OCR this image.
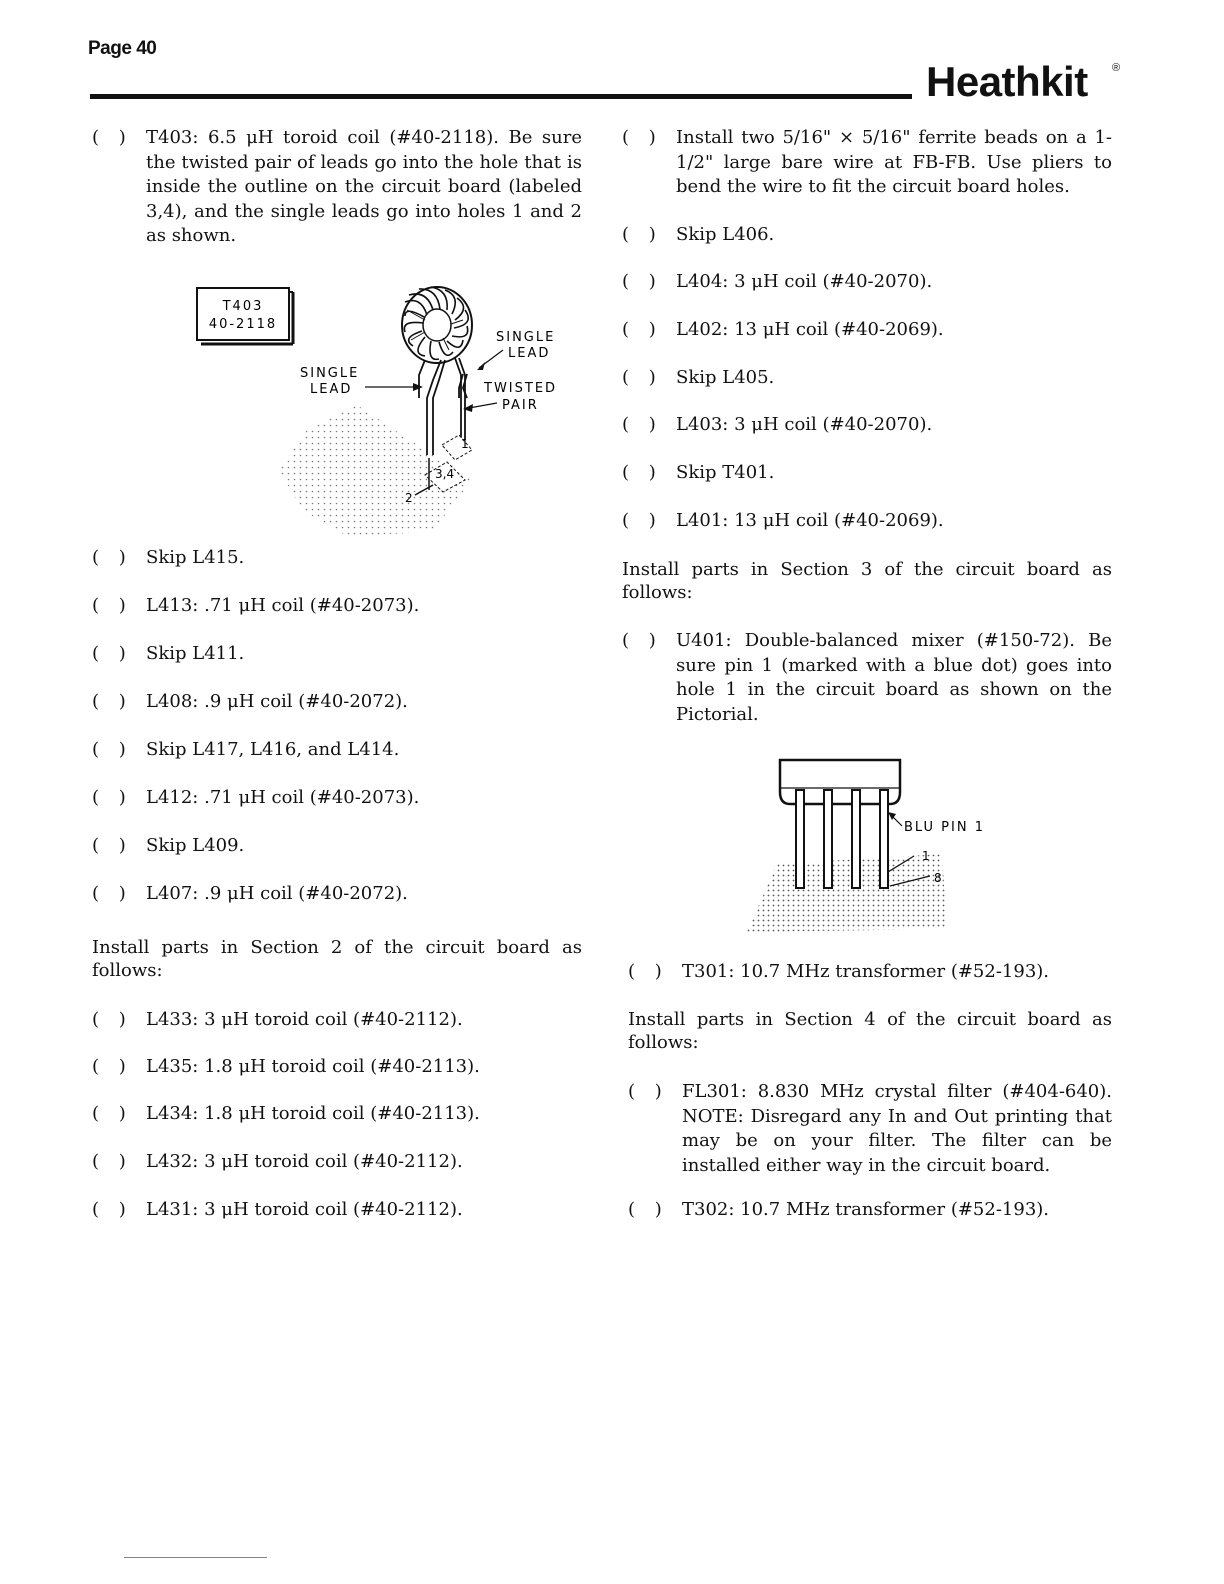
Page 40
Heathkit ®
( ) T403: 6.5 μH toroid coil (#40-2118). Be sure the twisted pair of leads go into the hole that is inside the outline on the circuit board (labeled 3,4), and the single leads go into holes 1 and 2 as shown.
T403
40-2118
1
3,4
2
SINGLE
LEAD
SINGLE
LEAD	TWISTED
PAIR
( ) Skip L415.
( ) L413: .71 μH coil (#40-2073).
( ) Skip L411.
( ) L408: .9 μH coil (#40-2072).
( ) Skip L417, L416, and L414.
( ) L412: .71 μH coil (#40-2073).
( ) Skip L409.
( ) L407: .9 μH coil (#40-2072).
Install parts in Section 2 of the circuit board as follows:
( ) L433: 3 μH toroid coil (#40-2112).
( ) L435: 1.8 μH toroid coil (#40-2113).
( ) L434: 1.8 μH toroid coil (#40-2113).
( ) L432: 3 μH toroid coil (#40-2112).
( ) L431: 3 μH toroid coil (#40-2112).
( ) Install two 5/16" × 5/16" ferrite beads on a 1-1/2" large bare wire at FB-FB. Use pliers to bend the wire to fit the circuit board holes.
( ) Skip L406.
( ) L404: 3 μH coil (#40-2070).
( ) L402: 13 μH coil (#40-2069).
( ) Skip L405.
( ) L403: 3 μH coil (#40-2070).
( ) Skip T401.
( ) L401: 13 μH coil (#40-2069).
Install parts in Section 3 of the circuit board as follows:
( ) U401: Double-balanced mixer (#150-72). Be sure pin 1 (marked with a blue dot) goes into hole 1 in the circuit board as shown on the Pictorial.
BLU PIN 1
1
8
( ) T301: 10.7 MHz transformer (#52-193).
Install parts in Section 4 of the circuit board as follows:
( ) FL301: 8.830 MHz crystal filter (#404-640). NOTE: Disregard any In and Out printing that may be on your filter. The filter can be installed either way in the circuit board.
( ) T302: 10.7 MHz transformer (#52-193).
